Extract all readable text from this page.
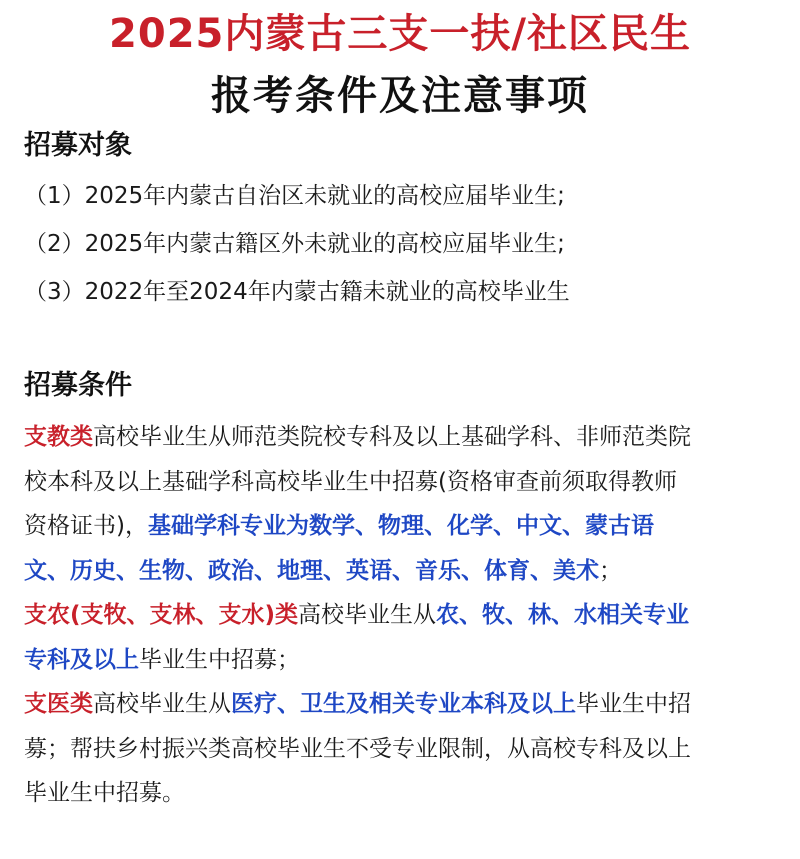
2025内蒙古三支一扶/社区民生
报考条件及注意事项
招募对象
（1）2025年内蒙古自治区未就业的高校应届毕业生;
（2）2025年内蒙古籍区外未就业的高校应届毕业生;
（3）2022年至2024年内蒙古籍未就业的高校毕业生
招募条件

支教类高校毕业生从师范类院校专科及以上基础学科、非师范类院
校本科及以上基础学科高校毕业生中招募(资格审查前须取得教师
资格证书)，基础学科专业为数学、物理、化学、中文、蒙古语
文、历史、生物、政治、地理、英语、音乐、体育、美术；

支农(支牧、支林、支水)类高校毕业生从农、牧、林、水相关专业
专科及以上毕业生中招募；

支医类高校毕业生从医疗、卫生及相关专业本科及以上毕业生中招
募；帮扶乡村振兴类高校毕业生不受专业限制，从高校专科及以上
毕业生中招募。
